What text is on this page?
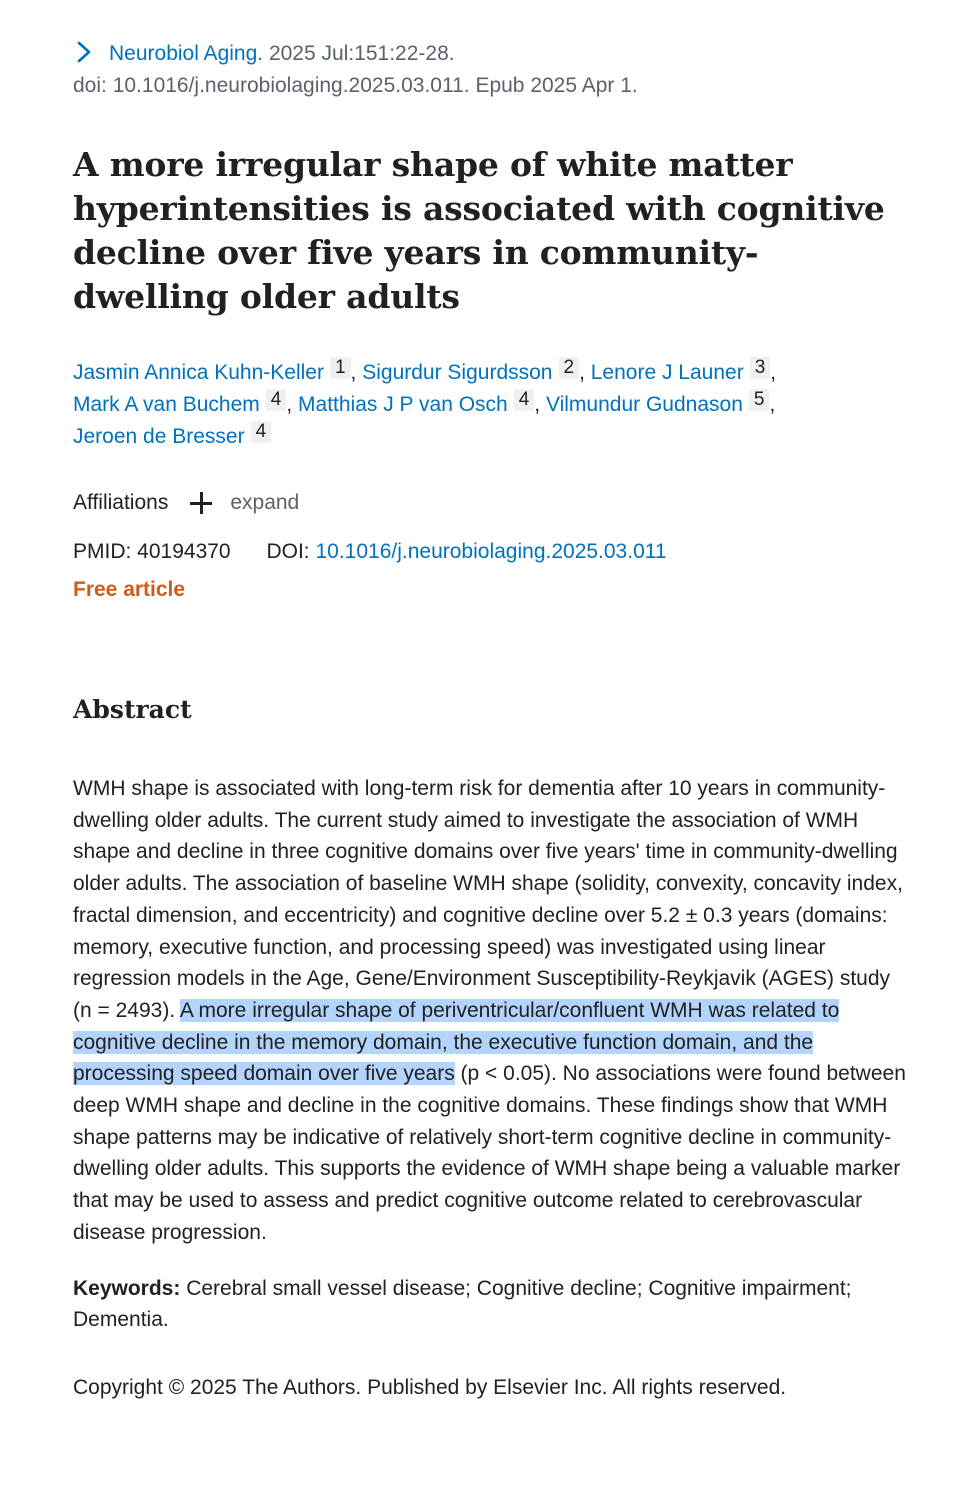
Neurobiol Aging. 2025 Jul:151:22-28.
doi: 10.1016/j.neurobiolaging.2025.03.011. Epub 2025 Apr 1.
A more irregular shape of white matter hyperintensities is associated with cognitive decline over five years in community-dwelling older adults
Jasmin Annica Kuhn-Keller 1 , Sigurdur Sigurdsson 2 , Lenore J Launer 3 ,
Mark A van Buchem 4 , Matthias J P van Osch 4 , Vilmundur Gudnason 5 ,
Jeroen de Bresser 4
Affiliations	expand
PMID: 40194370 DOI: 10.1016/j.neurobiolaging.2025.03.011
Free article
Abstract
WMH shape is associated with long-term risk for dementia after 10 years in community-dwelling older adults. The current study aimed to investigate the association of WMH shape and decline in three cognitive domains over five years' time in community-dwelling older adults. The association of baseline WMH shape (solidity, convexity, concavity index, fractal dimension, and eccentricity) and cognitive decline over 5.2 ± 0.3 years (domains: memory, executive function, and processing speed) was investigated using linear regression models in the Age, Gene/Environment Susceptibility-Reykjavik (AGES) study (n = 2493). A more irregular shape of periventricular/confluent WMH was related to cognitive decline in the memory domain, the executive function domain, and the processing speed domain over five years (p < 0.05). No associations were found between deep WMH shape and decline in the cognitive domains. These findings show that WMH shape patterns may be indicative of relatively short-term cognitive decline in community-dwelling older adults. This supports the evidence of WMH shape being a valuable marker that may be used to assess and predict cognitive outcome related to cerebrovascular disease progression.
Keywords: Cerebral small vessel disease; Cognitive decline; Cognitive impairment; Dementia.
Copyright © 2025 The Authors. Published by Elsevier Inc. All rights reserved.
